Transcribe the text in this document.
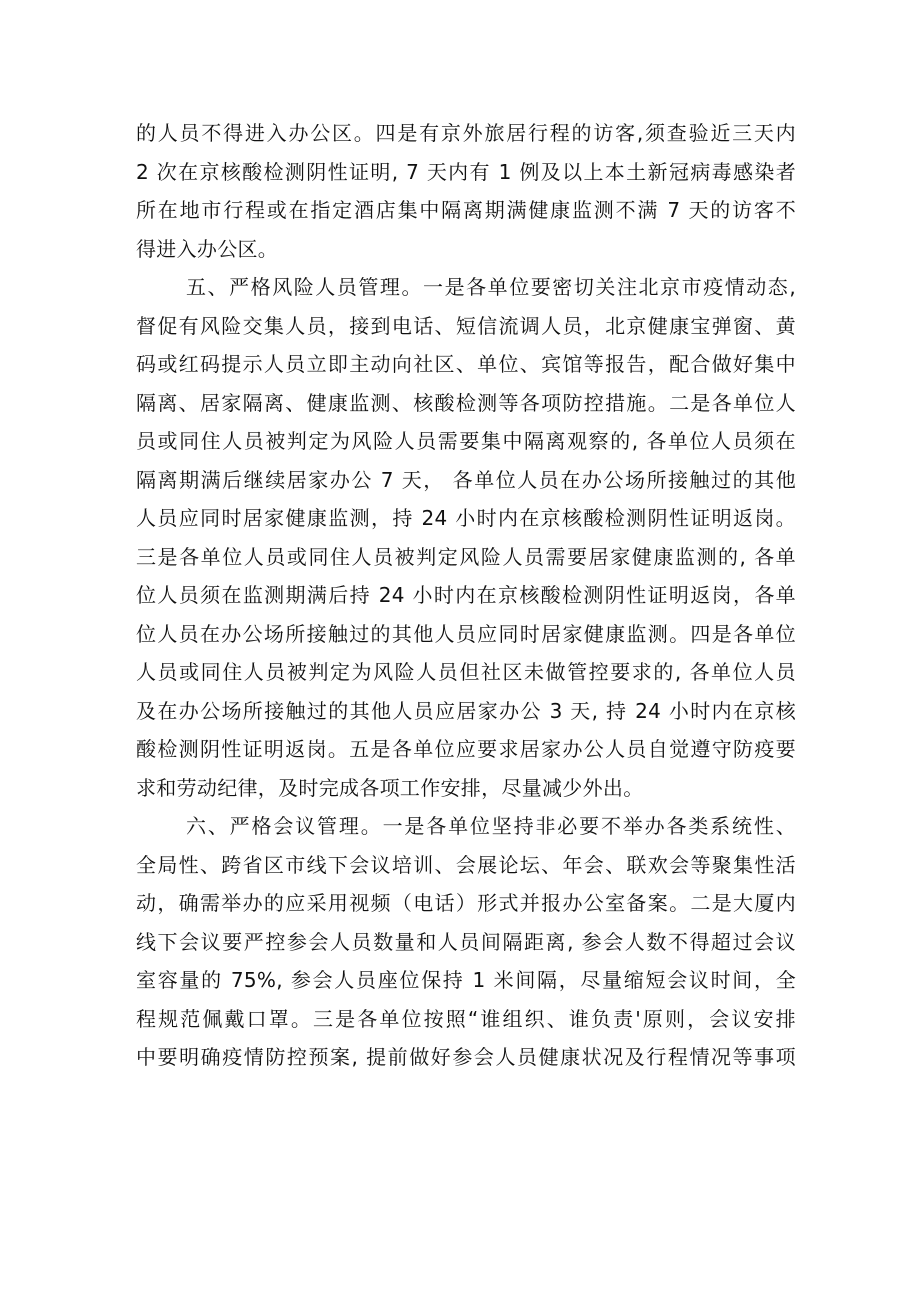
的人员不得进入办公区。四是有京外旅居行程的访客,须查验近三天内
2 次在京核酸检测阴性证明, 7 天内有 1 例及以上本土新冠病毒感染者
所在地市行程或在指定酒店集中隔离期满健康监测不满 7 天的访客不
得进入办公区。
五、严格风险人员管理。一是各单位要密切关注北京市疫情动态,
督促有风险交集人员，接到电话、短信流调人员，北京健康宝弹窗、黄
码或红码提示人员立即主动向社区、单位、宾馆等报告，配合做好集中
隔离、居家隔离、健康监测、核酸检测等各项防控措施。二是各单位人
员或同住人员被判定为风险人员需要集中隔离观察的, 各单位人员须在
隔离期满后继续居家办公 7 天， 各单位人员在办公场所接触过的其他
人员应同时居家健康监测，持 24 小时内在京核酸检测阴性证明返岗。
三是各单位人员或同住人员被判定风险人员需要居家健康监测的, 各单
位人员须在监测期满后持 24 小时内在京核酸检测阴性证明返岗，各单
位人员在办公场所接触过的其他人员应同时居家健康监测。四是各单位
人员或同住人员被判定为风险人员但社区未做管控要求的, 各单位人员
及在办公场所接触过的其他人员应居家办公 3 天, 持 24 小时内在京核
酸检测阴性证明返岗。五是各单位应要求居家办公人员自觉遵守防疫要
求和劳动纪律，及时完成各项工作安排，尽量减少外出。
六、严格会议管理。一是各单位坚持非必要不举办各类系统性、
全局性、跨省区市线下会议培训、会展论坛、年会、联欢会等聚集性活
动，确需举办的应采用视频（电话）形式并报办公室备案。二是大厦内
线下会议要严控参会人员数量和人员间隔距离, 参会人数不得超过会议
室容量的 75%, 参会人员座位保持 1 米间隔，尽量缩短会议时间，全
程规范佩戴口罩。三是各单位按照“谁组织、谁负责'原则，会议安排
中要明确疫情防控预案, 提前做好参会人员健康状况及行程情况等事项
